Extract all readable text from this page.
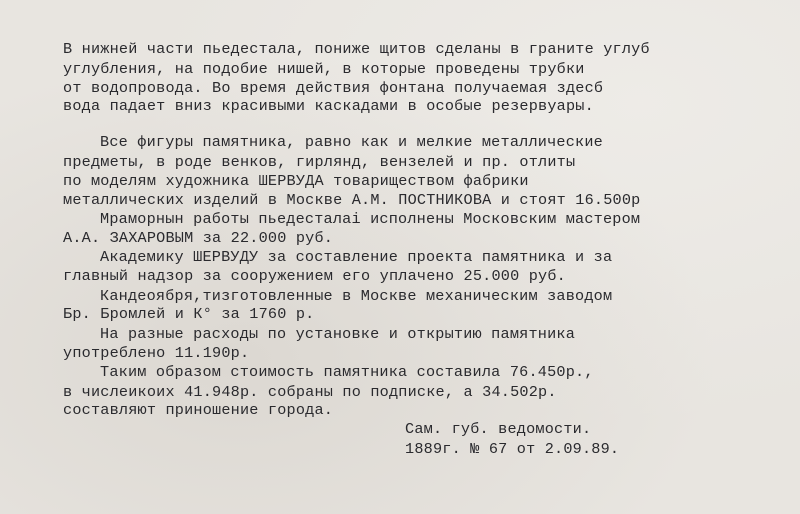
В нижней части пьедестала, пониже щитов сделаны в граните углуб
углубления, на подобие нишей, в которые проведены трубки
от водопровода. Во время действия фонтана получаемая здесб
вода падает вниз красивыми каскадами в особые резервуары.
Все фигуры памятника, равно как и мелкие металлические
предметы, в роде венков, гирлянд, вензелей и пр. отлиты
по моделям художника ШЕРВУДА товариществом фабрики
металлических изделий в Москве А.М. ПОСТНИКОВА и стоят 16.500р
Мраморнын работы пьедесталаі исполнены Московским мастером
А.А. ЗАХАРОВЫМ за 22.000 руб.
Академику ШЕРВУДУ за составление проекта памятника и за
главный надзор за сооружением его уплачено 25.000 руб.
Кандеоября,тизготовленные в Москве механическим заводом
Бр. Бромлей и К° за 1760 р.
На разные расходы по установке и открытию памятника
употреблено 11.190р.
Таким образом стоимость памятника составила 76.450р.,
в числеикоих 41.948р. собраны по подписке, а 34.502р.
составляют приношение города.
Сам. губ. ведомости.
1889г. № 67 от 2.09.89.
